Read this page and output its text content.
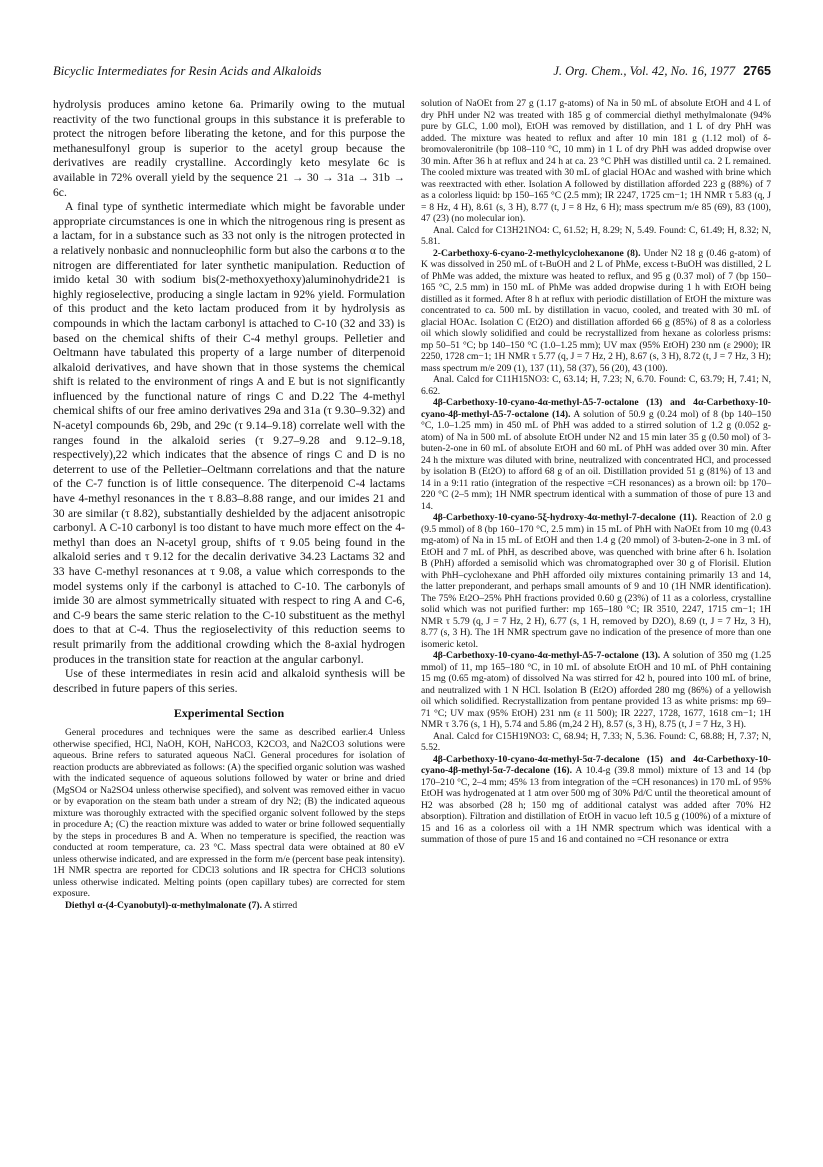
Bicyclic Intermediates for Resin Acids and Alkaloids	J. Org. Chem., Vol. 42, No. 16, 1977 2765

hydrolysis produces amino ketone 6a. Primarily owing to the mutual reactivity of the two functional groups in this substance it is preferable to protect the nitrogen before liberating the ketone, and for this purpose the methanesulfonyl group is superior to the acetyl group because the derivatives are readily crystalline. Accordingly keto mesylate 6c is available in 72% overall yield by the sequence 21 → 30 → 31a → 31b → 6c.

A final type of synthetic intermediate which might be favorable under appropriate circumstances is one in which the nitrogenous ring is present as a lactam, for in a substance such as 33 not only is the nitrogen protected in a relatively nonbasic and nonnucleophilic form but also the carbons α to the nitrogen are differentiated for later synthetic manipulation. Reduction of imido ketal 30 with sodium bis(2-methoxyethoxy)aluminohydride21 is highly regioselective, producing a single lactam in 92% yield. Formulation of this product and the keto lactam produced from it by hydrolysis as compounds in which the lactam carbonyl is attached to C-10 (32 and 33) is based on the chemical shifts of their C-4 methyl groups. Pelletier and Oeltmann have tabulated this property of a large number of diterpenoid alkaloid derivatives, and have shown that in those systems the chemical shift is related to the environment of rings A and E but is not significantly influenced by the functional nature of rings C and D.22 The 4-methyl chemical shifts of our free amino derivatives 29a and 31a (τ 9.30–9.32) and N-acetyl compounds 6b, 29b, and 29c (τ 9.14–9.18) correlate well with the ranges found in the alkaloid series (τ 9.27–9.28 and 9.12–9.18, respectively),22 which indicates that the absence of rings C and D is no deterrent to use of the Pelletier–Oeltmann correlations and that the nature of the C-7 function is of little consequence. The diterpenoid C-4 lactams have 4-methyl resonances in the τ 8.83–8.88 range, and our imides 21 and 30 are similar (τ 8.82), substantially deshielded by the adjacent anisotropic carbonyl. A C-10 carbonyl is too distant to have much more effect on the 4-methyl than does an N-acetyl group, shifts of τ 9.05 being found in the alkaloid series and τ 9.12 for the decalin derivative 34.23 Lactams 32 and 33 have C-methyl resonances at τ 9.08, a value which corresponds to the model systems only if the carbonyl is attached to C-10. The carbonyls of imide 30 are almost symmetrically situated with respect to ring A and C-6, and C-9 bears the same steric relation to the C-10 substituent as the methyl does to that at C-4. Thus the regioselectivity of this reduction seems to result primarily from the additional crowding which the 8-axial hydrogen produces in the transition state for reaction at the angular carbonyl.

Use of these intermediates in resin acid and alkaloid synthesis will be described in future papers of this series.

Experimental Section

General procedures and techniques were the same as described earlier.4 Unless otherwise specified, HCl, NaOH, KOH, NaHCO3, K2CO3, and Na2CO3 solutions were aqueous. Brine refers to saturated aqueous NaCl. General procedures for isolation of reaction products are abbreviated as follows: (A) the specified organic solution was washed with the indicated sequence of aqueous solutions followed by water or brine and dried (MgSO4 or Na2SO4 unless otherwise specified), and solvent was removed either in vacuo or by evaporation on the steam bath under a stream of dry N2; (B) the indicated aqueous mixture was thoroughly extracted with the specified organic solvent followed by the steps in procedure A; (C) the reaction mixture was added to water or brine followed sequentially by the steps in procedures B and A. When no temperature is specified, the reaction was conducted at room temperature, ca. 23 °C. Mass spectral data were obtained at 80 eV unless otherwise indicated, and are expressed in the form m/e (percent base peak intensity). 1H NMR spectra are reported for CDCl3 solutions and IR spectra for CHCl3 solutions unless otherwise indicated. Melting points (open capillary tubes) are corrected for stem exposure.

Diethyl α-(4-Cyanobutyl)-α-methylmalonate (7). A stirred

solution of NaOEt from 27 g (1.17 g-atoms) of Na in 50 mL of absolute EtOH and 4 L of dry PhH under N2 was treated with 185 g of commercial diethyl methylmalonate (94% pure by GLC, 1.00 mol), EtOH was removed by distillation, and 1 L of dry PhH was added. The mixture was heated to reflux and after 10 min 181 g (1.12 mol) of δ-bromovaleronitrile (bp 108–110 °C, 10 mm) in 1 L of dry PhH was added dropwise over 30 min. After 36 h at reflux and 24 h at ca. 23 °C PhH was distilled until ca. 2 L remained. The cooled mixture was treated with 30 mL of glacial HOAc and washed with brine which was reextracted with ether. Isolation A followed by distillation afforded 223 g (88%) of 7 as a colorless liquid: bp 150–165 °C (2.5 mm); IR 2247, 1725 cm−1; 1H NMR τ 5.83 (q, J = 8 Hz, 4 H), 8.61 (s, 3 H), 8.77 (t, J = 8 Hz, 6 H); mass spectrum m/e 85 (69), 83 (100), 47 (23) (no molecular ion).

Anal. Calcd for C13H21NO4: C, 61.52; H, 8.29; N, 5.49. Found: C, 61.49; H, 8.32; N, 5.81.

2-Carbethoxy-6-cyano-2-methylcyclohexanone (8). Under N2 18 g (0.46 g-atom) of K was dissolved in 250 mL of t-BuOH and 2 L of PhMe, excess t-BuOH was distilled, 2 L of PhMe was added, the mixture was heated to reflux, and 95 g (0.37 mol) of 7 (bp 150–165 °C, 2.5 mm) in 150 mL of PhMe was added dropwise during 1 h with EtOH being distilled as it formed. After 8 h at reflux with periodic distillation of EtOH the mixture was concentrated to ca. 500 mL by distillation in vacuo, cooled, and treated with 30 mL of glacial HOAc. Isolation C (Et2O) and distillation afforded 66 g (85%) of 8 as a colorless oil which slowly solidified and could be recrystallized from hexane as colorless prisms: mp 50–51 °C; bp 140–150 °C (1.0–1.25 mm); UV max (95% EtOH) 230 nm (ε 2900); IR 2250, 1728 cm−1; 1H NMR τ 5.77 (q, J = 7 Hz, 2 H), 8.67 (s, 3 H), 8.72 (t, J = 7 Hz, 3 H); mass spectrum m/e 209 (1), 137 (11), 58 (37), 56 (20), 43 (100).

Anal. Calcd for C11H15NO3: C, 63.14; H, 7.23; N, 6.70. Found: C, 63.79; H, 7.41; N, 6.62.

4β-Carbethoxy-10-cyano-4α-methyl-Δ5-7-octalone (13) and 4α-Carbethoxy-10-cyano-4β-methyl-Δ5-7-octalone (14). A solution of 50.9 g (0.24 mol) of 8 (bp 140–150 °C, 1.0–1.25 mm) in 450 mL of PhH was added to a stirred solution of 1.2 g (0.052 g-atom) of Na in 500 mL of absolute EtOH under N2 and 15 min later 35 g (0.50 mol) of 3-buten-2-one in 60 mL of absolute EtOH and 60 mL of PhH was added over 30 min. After 24 h the mixture was diluted with brine, neutralized with concentrated HCl, and processed by isolation B (Et2O) to afford 68 g of an oil. Distillation provided 51 g (81%) of 13 and 14 in a 9:11 ratio (integration of the respective =CH resonances) as a brown oil: bp 170–220 °C (2–5 mm); 1H NMR spectrum identical with a summation of those of pure 13 and 14.

4β-Carbethoxy-10-cyano-5ξ-hydroxy-4α-methyl-7-decalone (11). Reaction of 2.0 g (9.5 mmol) of 8 (bp 160–170 °C, 2.5 mm) in 15 mL of PhH with NaOEt from 10 mg (0.43 mg-atom) of Na in 15 mL of EtOH and then 1.4 g (20 mmol) of 3-buten-2-one in 3 mL of EtOH and 7 mL of PhH, as described above, was quenched with brine after 6 h. Isolation B (PhH) afforded a semisolid which was chromatographed over 30 g of Florisil. Elution with PhH–cyclohexane and PhH afforded oily mixtures containing primarily 13 and 14, the latter preponderant, and perhaps small amounts of 9 and 10 (1H NMR identification). The 75% Et2O–25% PhH fractions provided 0.60 g (23%) of 11 as a colorless, crystalline solid which was not purified further: mp 165–180 °C; IR 3510, 2247, 1715 cm−1; 1H NMR τ 5.79 (q, J = 7 Hz, 2 H), 6.77 (s, 1 H, removed by D2O), 8.69 (t, J = 7 Hz, 3 H), 8.77 (s, 3 H). The 1H NMR spectrum gave no indication of the presence of more than one isomeric ketol.

4β-Carbethoxy-10-cyano-4α-methyl-Δ5-7-octalone (13). A solution of 350 mg (1.25 mmol) of 11, mp 165–180 °C, in 10 mL of absolute EtOH and 10 mL of PhH containing 15 mg (0.65 mg-atom) of dissolved Na was stirred for 42 h, poured into 100 mL of brine, and neutralized with 1 N HCl. Isolation B (Et2O) afforded 280 mg (86%) of a yellowish oil which solidified. Recrystallization from pentane provided 13 as white prisms: mp 69–71 °C; UV max (95% EtOH) 231 nm (ε 11 500); IR 2227, 1728, 1677, 1618 cm−1; 1H NMR τ 3.76 (s, 1 H), 5.74 and 5.86 (m,24 2 H), 8.57 (s, 3 H), 8.75 (t, J = 7 Hz, 3 H).

Anal. Calcd for C15H19NO3: C, 68.94; H, 7.33; N, 5.36. Found: C, 68.88; H, 7.37; N, 5.52.

4β-Carbethoxy-10-cyano-4α-methyl-5α-7-decalone (15) and 4α-Carbethoxy-10-cyano-4β-methyl-5α-7-decalone (16). A 10.4-g (39.8 mmol) mixture of 13 and 14 (bp 170–210 °C, 2–4 mm; 45% 13 from integration of the =CH resonances) in 170 mL of 95% EtOH was hydrogenated at 1 atm over 500 mg of 30% Pd/C until the theoretical amount of H2 was absorbed (28 h; 150 mg of additional catalyst was added after 70% H2 absorption). Filtration and distillation of EtOH in vacuo left 10.5 g (100%) of a mixture of 15 and 16 as a colorless oil with a 1H NMR spectrum which was identical with a summation of those of pure 15 and 16 and contained no =CH resonance or extra
